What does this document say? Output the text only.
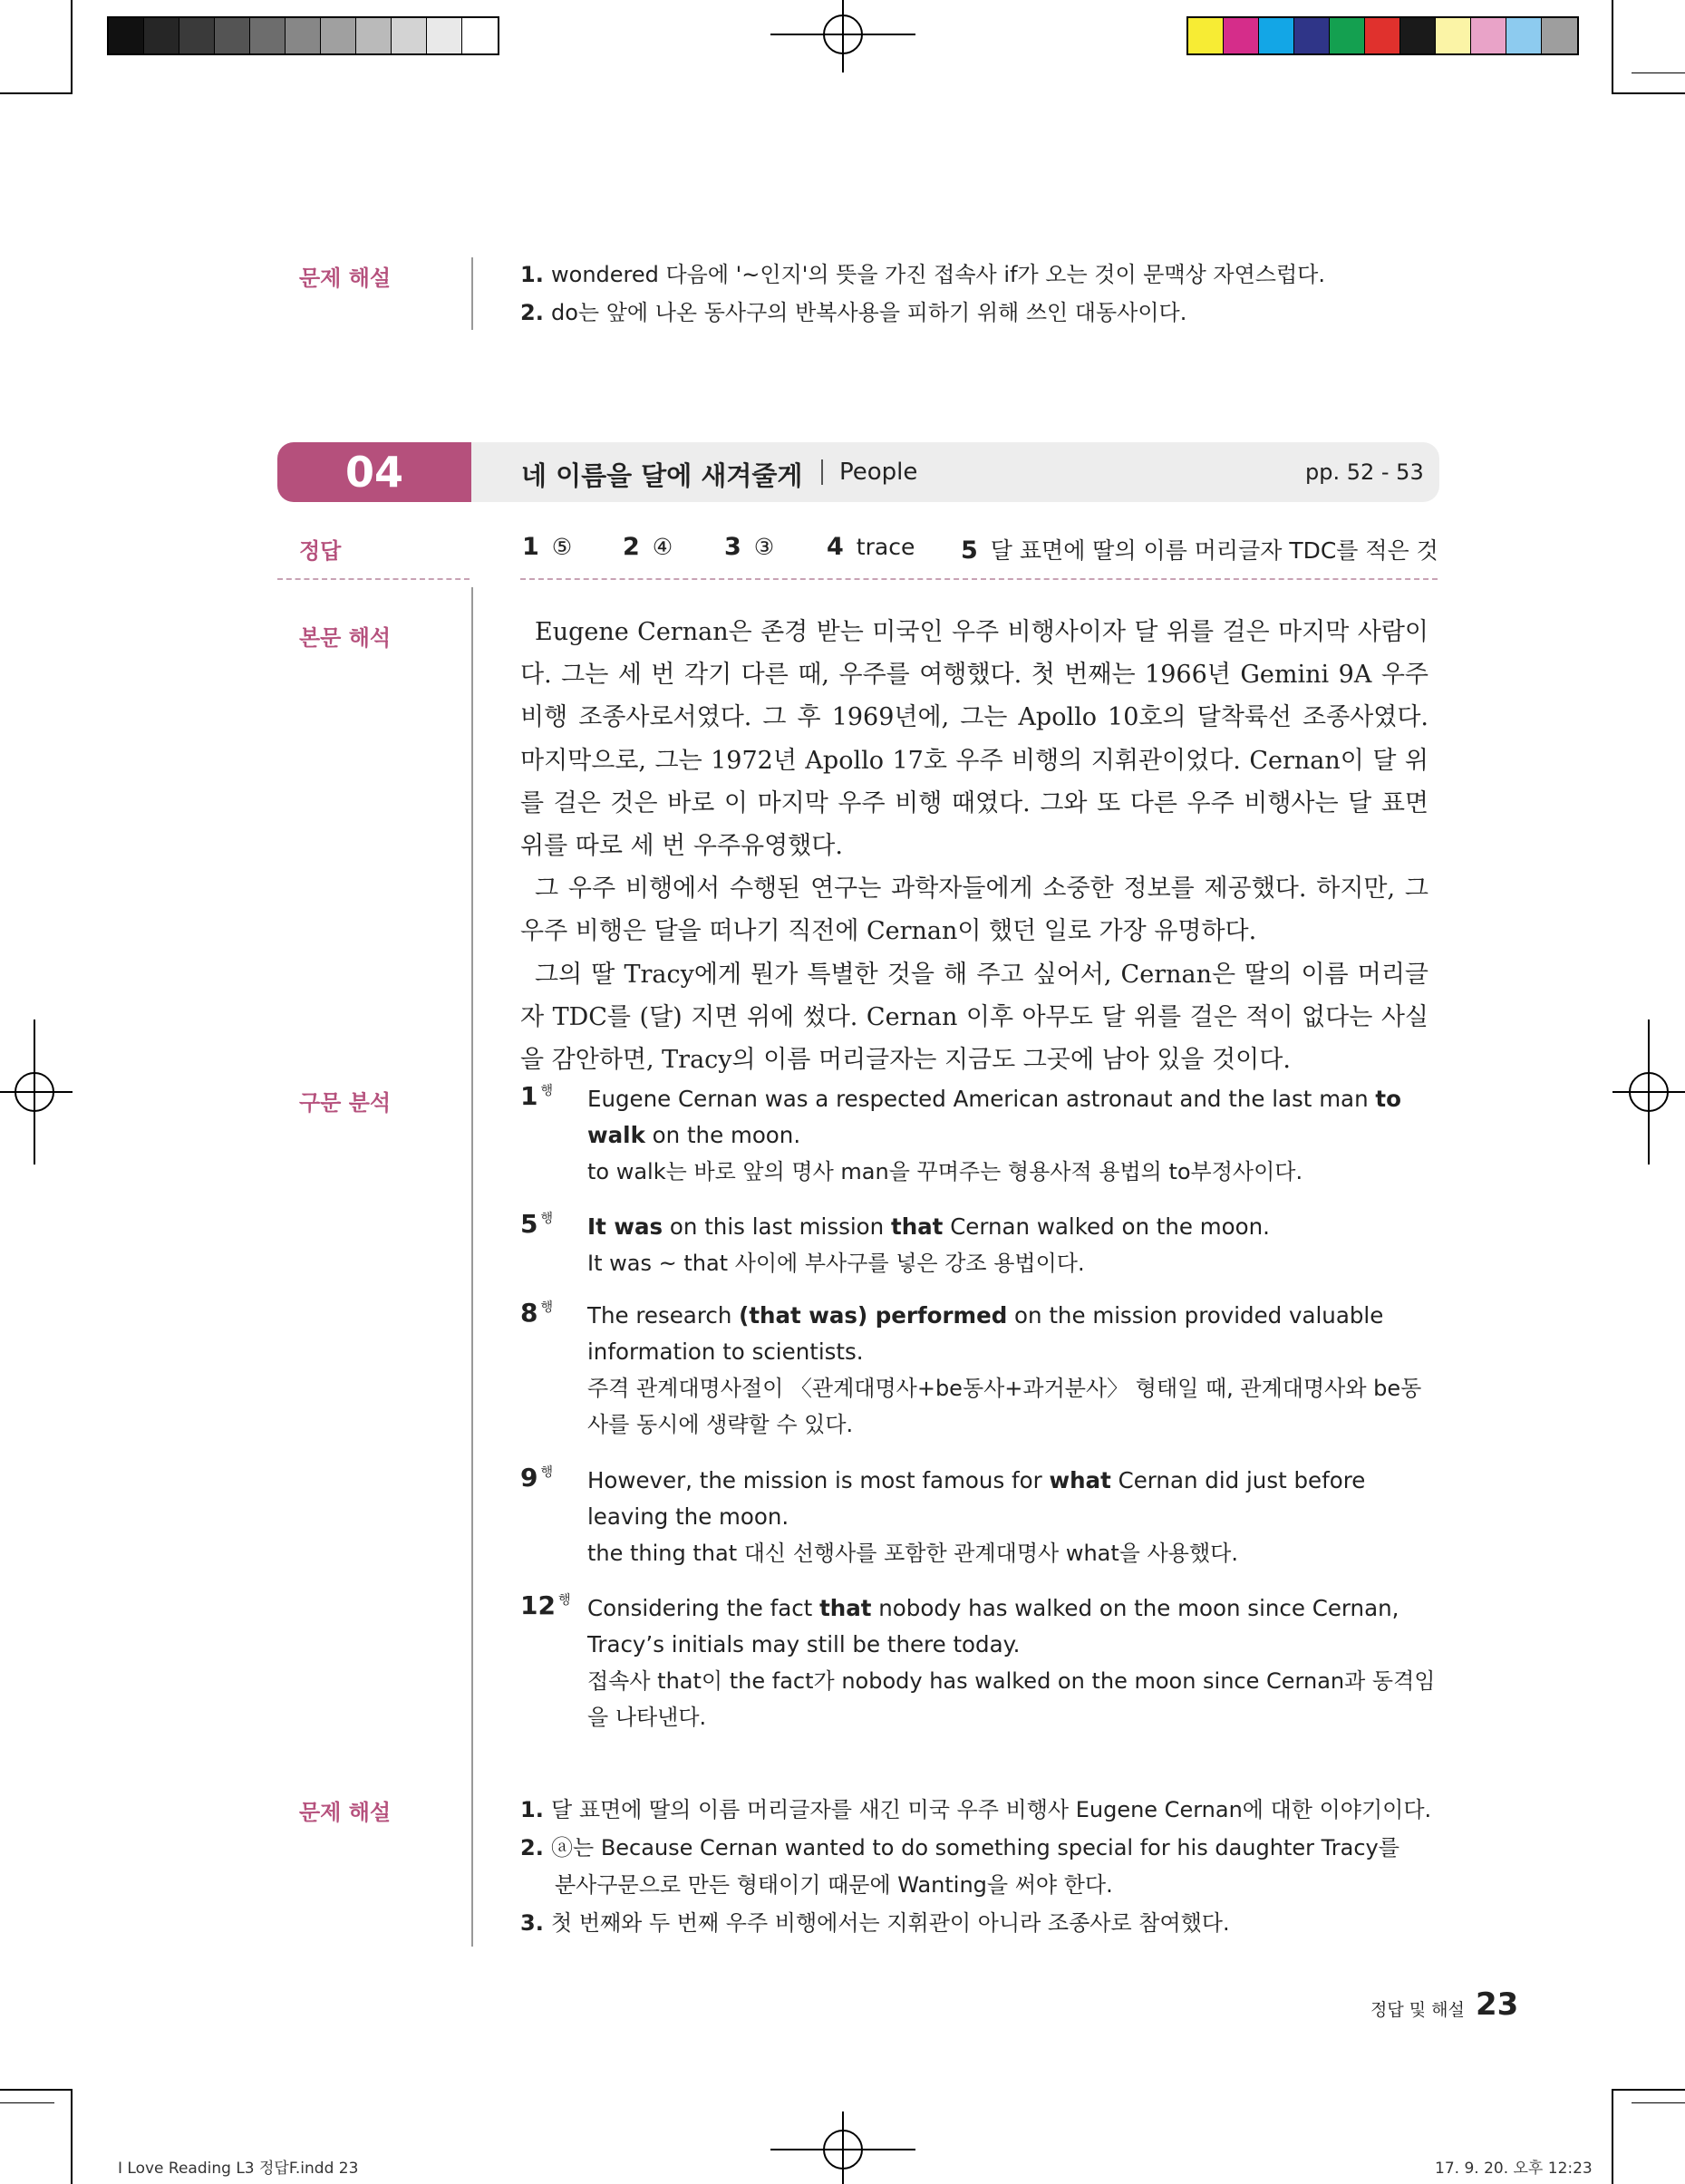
문제 해설	1. wondered 다음에 '~인지'의 뜻을 가진 접속사 if가 오는 것이 문맥상 자연스럽다.
2. do는 앞에 나온 동사구의 반복사용을 피하기 위해 쓰인 대동사이다.
04	네 이름을 달에 새겨줄게 People	pp. 52 - 53
정답	1 ⑤ 2 ④ 3 ③ 4 trace 5 달 표면에 딸의 이름 머리글자 TDC를 적은 것
본문 해석	Eugene Cernan은 존경 받는 미국인 우주 비행사이자 달 위를 걸은 마지막 사람이다. 그는 세 번 각기 다른 때, 우주를 여행했다. 첫 번째는 1966년 Gemini 9A 우주 비행 조종사로서였다. 그 후 1969년에, 그는 Apollo 10호의 달착륙선 조종사였다. 마지막으로, 그는 1972년 Apollo 17호 우주 비행의 지휘관이었다. Cernan이 달 위를 걸은 것은 바로 이 마지막 우주 비행 때였다. 그와 또 다른 우주 비행사는 달 표면 위를 따로 세 번 우주유영했다.

그 우주 비행에서 수행된 연구는 과학자들에게 소중한 정보를 제공했다. 하지만, 그 우주 비행은 달을 떠나기 직전에 Cernan이 했던 일로 가장 유명하다.

그의 딸 Tracy에게 뭔가 특별한 것을 해 주고 싶어서, Cernan은 딸의 이름 머리글자 TDC를 (달) 지면 위에 썼다. Cernan 이후 아무도 달 위를 걸은 적이 없다는 사실을 감안하면, Tracy의 이름 머리글자는 지금도 그곳에 남아 있을 것이다.

구문 분석	1 $^행$ Eugene Cernan was a respected American astronaut and the last man to walk on the moon.
to walk는 바로 앞의 명사 man을 꾸며주는 형용사적 용법의 to부정사이다.
5 $^행$ It was on this last mission that Cernan walked on the moon.
It was ~ that 사이에 부사구를 넣은 강조 용법이다.
8 $^행$ The research (that was) performed on the mission provided valuable information to scientists.
주격 관계대명사절이 〈관계대명사+be동사+과거분사〉 형태일 때, 관계대명사와 be동사를 동시에 생략할 수 있다.
9 $^행$ However, the mission is most famous for what Cernan did just before leaving the moon.
the thing that 대신 선행사를 포함한 관계대명사 what을 사용했다.
12 $^행$ Considering the fact that nobody has walked on the moon since Cernan, Tracy’s initials may still be there today.
접속사 that이 the fact가 nobody has walked on the moon since Cernan과 동격임을 나타낸다.
문제 해설	1. 달 표면에 딸의 이름 머리글자를 새긴 미국 우주 비행사 Eugene Cernan에 대한 이야기이다.
2. ⓐ는 Because Cernan wanted to do something special for his daughter Tracy를
분사구문으로 만든 형태이기 때문에 Wanting을 써야 한다.
3. 첫 번째와 두 번째 우주 비행에서는 지휘관이 아니라 조종사로 참여했다.
정답 및 해설 23
I Love Reading L3 정답F.indd 23	17. 9. 20. 오후 12:23
